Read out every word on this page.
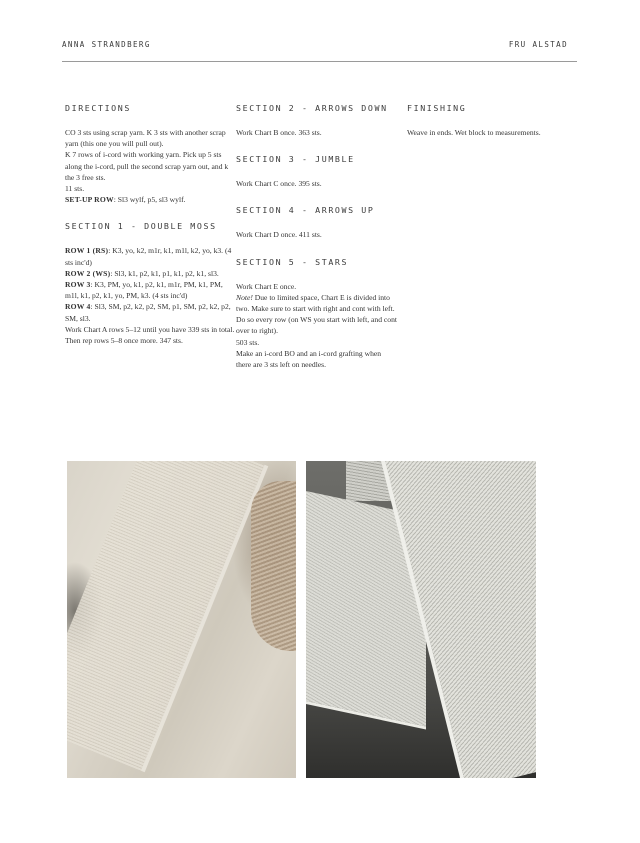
ANNA STRANDBERG	FRU ALSTAD
DIRECTIONS

CO 3 sts using scrap yarn. K 3 sts with another scrap yarn (this one you will pull out).

K 7 rows of i-cord with working yarn. Pick up 5 sts along the i-cord, pull the second scrap yarn out, and k the 3 free sts.

11 sts.

SET-UP ROW: Sl3 wylf, p5, sl3 wylf.

SECTION 1 - DOUBLE MOSS

ROW 1 (RS): K3, yo, k2, m1r, k1, m1l, k2, yo, k3. (4 sts inc'd)

ROW 2 (WS): Sl3, k1, p2, k1, p1, k1, p2, k1, sl3.

ROW 3: K3, PM, yo, k1, p2, k1, m1r, PM, k1, PM, m1l, k1, p2, k1, yo, PM, k3. (4 sts inc'd)

ROW 4: Sl3, SM, p2, k2, p2, SM, p1, SM, p2, k2, p2, SM, sl3.

Work Chart A rows 5–12 until you have 339 sts in total.

Then rep rows 5–8 once more. 347 sts.

SECTION 2 - ARROWS DOWN

Work Chart B once. 363 sts.

SECTION 3 - JUMBLE

Work Chart C once. 395 sts.

SECTION 4 - ARROWS UP

Work Chart D once. 411 sts.

SECTION 5 - STARS

Work Chart E once.

Note! Due to limited space, Chart E is divided into two. Make sure to start with right and cont with left. Do so every row (on WS you start with left, and cont over to right).

503 sts.

Make an i-cord BO and an i-cord grafting when there are 3 sts left on needles.

FINISHING

Weave in ends. Wet block to measurements.
